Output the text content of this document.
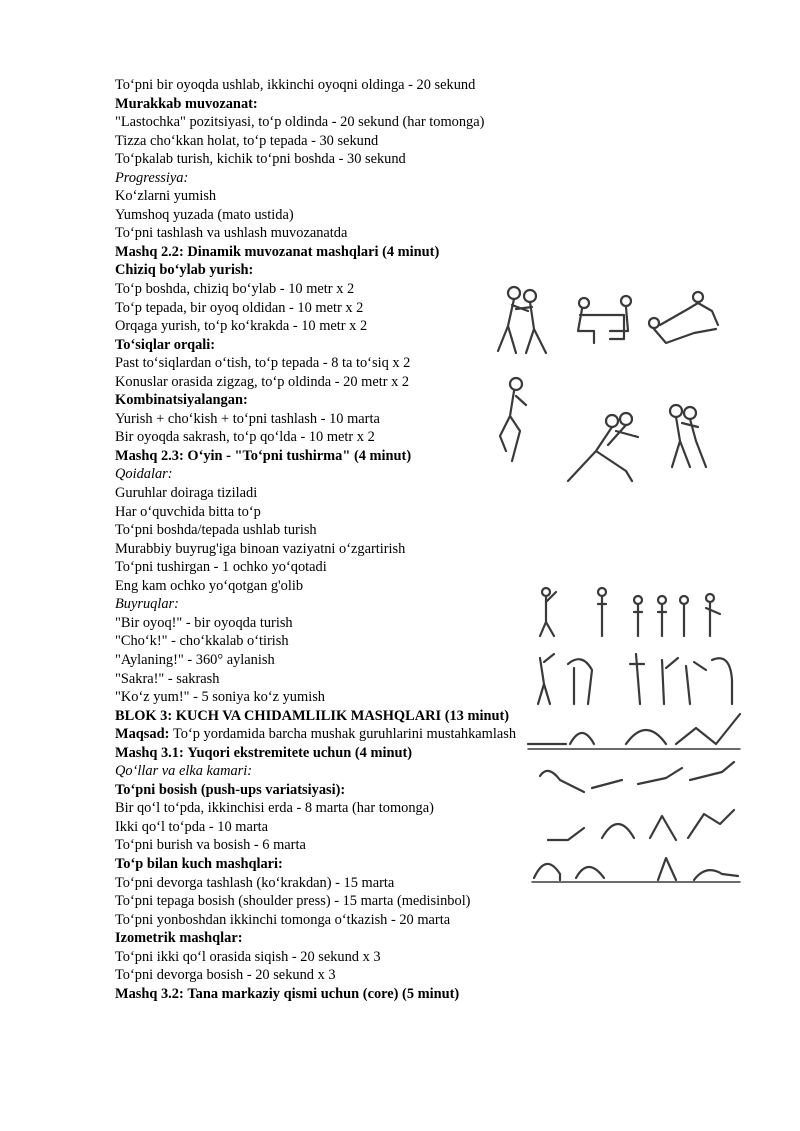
To‘pni bir oyoqda ushlab, ikkinchi oyoqni oldinga - 20 sekund
Murakkab muvozanat:
"Lastochka" pozitsiyasi, to‘p oldinda - 20 sekund (har tomonga)
Tizza cho‘kkan holat, to‘p tepada - 30 sekund
To‘pkalab turish, kichik to‘pni boshda - 30 sekund
Progressiya:
Ko‘zlarni yumish
Yumshoq yuzada (mato ustida)
To‘pni tashlash va ushlash muvozanatda
Mashq 2.2: Dinamik muvozanat mashqlari (4 minut)
Chiziq bo‘ylab yurish:
To‘p boshda, chiziq bo‘ylab - 10 metr x 2
To‘p tepada, bir oyoq oldidan - 10 metr x 2
Orqaga yurish, to‘p ko‘krakda - 10 metr x 2
To‘siqlar orqali:
Past to‘siqlardan o‘tish, to‘p tepada - 8 ta to‘siq x 2
Konuslar orasida zigzag, to‘p oldinda - 20 metr x 2
Kombinatsiyalangan:
Yurish + cho‘kish + to‘pni tashlash - 10 marta
Bir oyoqda sakrash, to‘p qo‘lda - 10 metr x 2
Mashq 2.3: O‘yin - "To‘pni tushirma" (4 minut)
Qoidalar:
Guruhlar doiraga tiziladi
Har o‘quvchida bitta to‘p
To‘pni boshda/tepada ushlab turish
Murabbiy buyrug'iga binoan vaziyatni o‘zgartirish
To‘pni tushirgan - 1 ochko yo‘qotadi
Eng kam ochko yo‘qotgan g'olib
Buyruqlar:
"Bir oyoq!" - bir oyoqda turish
"Cho‘k!" - cho‘kkalab o‘tirish
"Aylaning!" - 360° aylanish
"Sakra!" - sakrash
"Ko‘z yum!" - 5 soniya ko‘z yumish
BLOK 3: KUCH VA CHIDAMLILIK MASHQLARI (13 minut)
Maqsad: To‘p yordamida barcha mushak guruhlarini mustahkamlash
Mashq 3.1: Yuqori ekstremitete uchun (4 minut)
Qo‘llar va elka kamari:
To‘pni bosish (push-ups variatsiyasi):
Bir qo‘l to‘pda, ikkinchisi erda - 8 marta (har tomonga)
Ikki qo‘l to‘pda - 10 marta
To‘pni burish va bosish - 6 marta
To‘p bilan kuch mashqlari:
To‘pni devorga tashlash (ko‘krakdan) - 15 marta
To‘pni tepaga bosish (shoulder press) - 15 marta (medisinbol)
To‘pni yonboshdan ikkinchi tomonga o‘tkazish - 20 marta
Izometrik mashqlar:
To‘pni ikki qo‘l orasida siqish - 20 sekund x 3
To‘pni devorga bosish - 20 sekund x 3
Mashq 3.2: Tana markaziy qismi uchun (core) (5 minut)
